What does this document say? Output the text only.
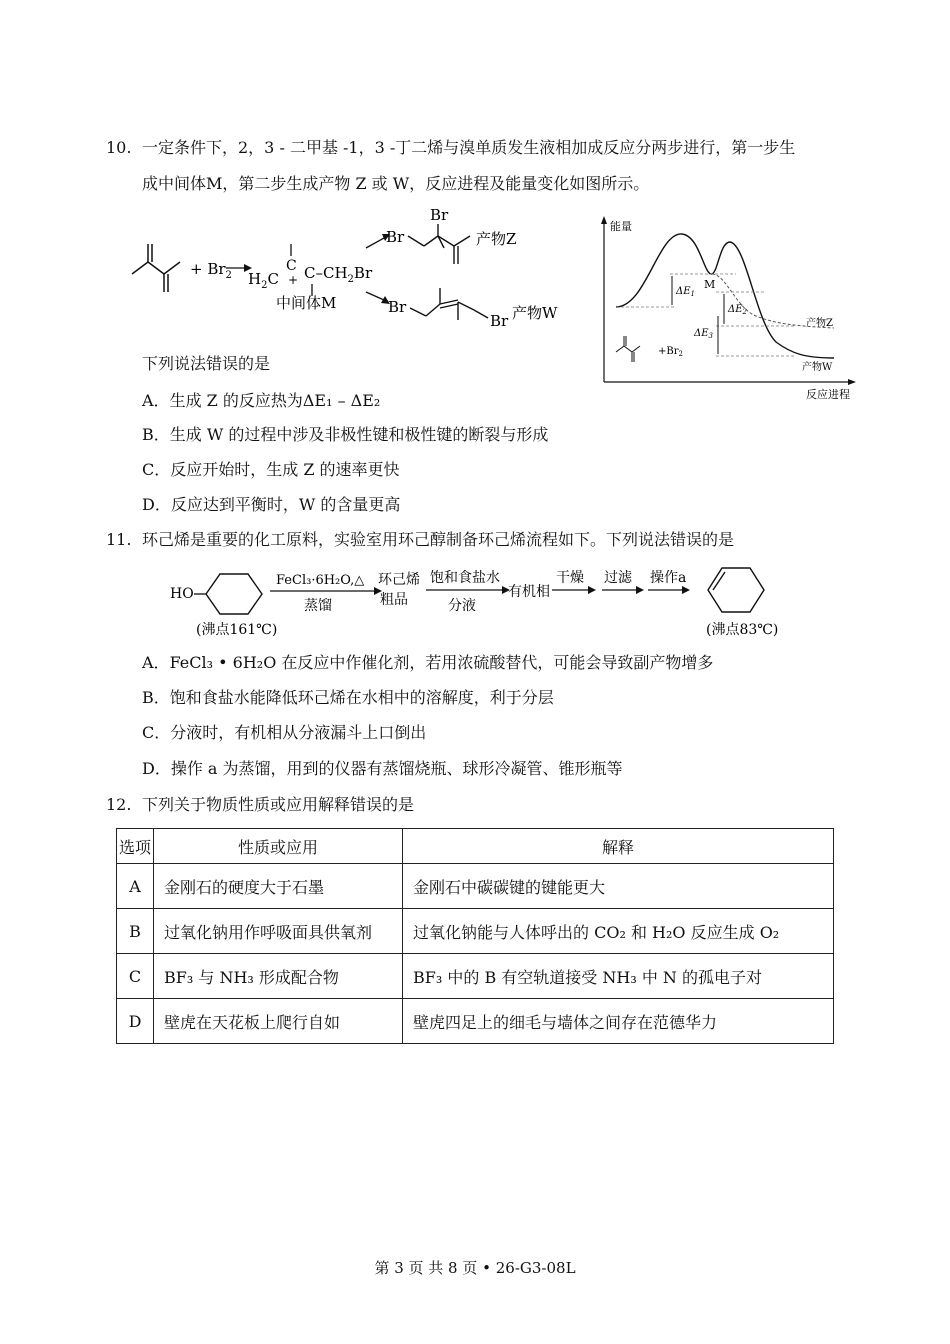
10. 一定条件下，2，3 - 二甲基 -1，3 -丁二烯与溴单质发生液相加成反应分两步进行，第一步生
成中间体M，第二步生成产物 Z 或 W，反应进程及能量变化如图所示。
+ $Br_2$ $H_2C$
C
+ $C-CH_2Br$
中间体M
Br
Br
产物Z
Br
Br 产物W
能量
反应进程
$\Delta E_1$
$\Delta E_2$
$\Delta E_3$
M
产物Z
产物W
$+Br_2$
下列说法错误的是
A．生成 Z 的反应热为ΔE₁ – ΔE₂
B．生成 W 的过程中涉及非极性键和极性键的断裂与形成
C．反应开始时，生成 Z 的速率更快
D．反应达到平衡时，W 的含量更高
11. 环己烯是重要的化工原料，实验室用环己醇制备环己烯流程如下。下列说法错误的是
HO
(沸点161℃)
FeCl₃·6H₂O,△
蒸馏
环己烯
粗品
饱和食盐水
分液
有机相
干燥 过滤 操作a
(沸点83℃)
A．FeCl₃ • 6H₂O 在反应中作催化剂，若用浓硫酸替代，可能会导致副产物增多
B．饱和食盐水能降低环己烯在水相中的溶解度，利于分层
C．分液时，有机相从分液漏斗上口倒出
D．操作 a 为蒸馏，用到的仪器有蒸馏烧瓶、球形冷凝管、锥形瓶等
12. 下列关于物质性质或应用解释错误的是
选项	性质或应用	解释
A	金刚石的硬度大于石墨	金刚石中碳碳键的键能更大
B	过氧化钠用作呼吸面具供氧剂	过氧化钠能与人体呼出的 CO₂ 和 H₂O 反应生成 O₂
C	BF₃ 与 NH₃ 形成配合物	BF₃ 中的 B 有空轨道接受 NH₃ 中 N 的孤电子对
D	壁虎在天花板上爬行自如	壁虎四足上的细毛与墙体之间存在范德华力
第 3 页 共 8 页 • 26-G3-08L
